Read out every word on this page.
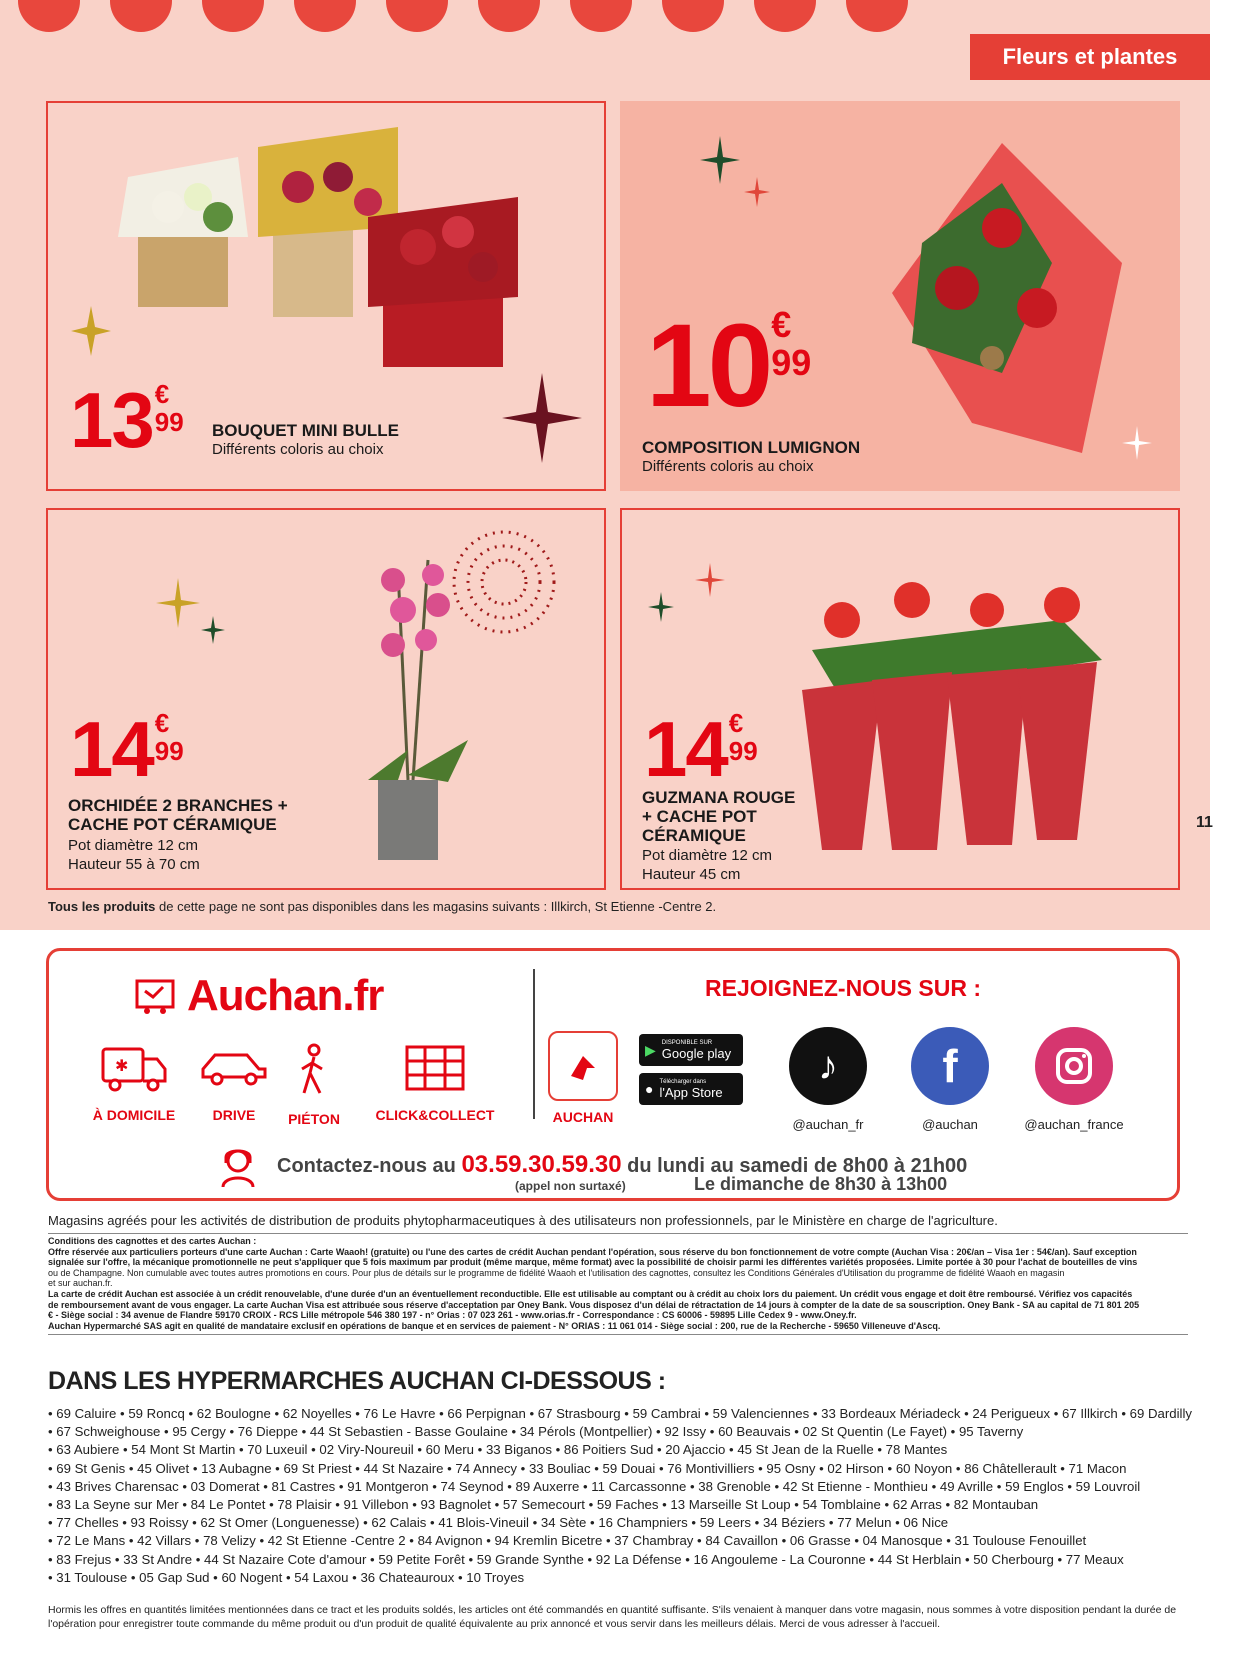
Fleurs et plantes
11
13 €
99 BOUQUET MINI BULLE
Différents coloris au choix
10 €
99
COMPOSITION LUMIGNON
Différents coloris au choix
14 €
99
ORCHIDÉE 2 BRANCHES +
CACHE POT CÉRAMIQUE
Pot diamètre 12 cm
Hauteur 55 à 70 cm
14 €
99
GUZMANA ROUGE
+ CACHE POT
CÉRAMIQUE
Pot diamètre 12 cm
Hauteur 45 cm
Tous les produits de cette page ne sont pas disponibles dans les magasins suivants : Illkirch, St Etienne -Centre 2.
Auchan.fr
✱
À DOMICILE	DRIVE	PIÉTON	CLICK&COLLECT
REJOIGNEZ-NOUS SUR :
AUCHAN
▶ DISPONIBLE SUR
Google play
● Télécharger dans
l'App Store
♪
@auchan_fr
f
@auchan	@auchan_france
Contactez-nous au 03.59.30.59.30 du lundi au samedi de 8h00 à 21h00
(appel non surtaxé)	Le dimanche de 8h30 à 13h00
Magasins agréés pour les activités de distribution de produits phytopharmaceutiques à des utilisateurs non professionnels, par le Ministère en charge de l'agriculture.

Conditions des cagnottes et des cartes Auchan :

Offre réservée aux particuliers porteurs d'une carte Auchan : Carte Waaoh! (gratuite) ou l'une des cartes de crédit Auchan pendant l'opération, sous réserve du bon fonctionnement de votre compte (Auchan Visa : 20€/an – Visa 1er : 54€/an). Sauf exception

signalée sur l'offre, la mécanique promotionnelle ne peut s'appliquer que 5 fois maximum par produit (même marque, même format) avec la possibilité de choisir parmi les différentes variétés proposées. Limite portée à 30 pour l'achat de bouteilles de vins

ou de Champagne. Non cumulable avec toutes autres promotions en cours. Pour plus de détails sur le programme de fidélité Waaoh et l'utilisation des cagnottes, consultez les Conditions Générales d'Utilisation du programme de fidélité Waaoh en magasin

et sur auchan.fr.

La carte de crédit Auchan est associée à un crédit renouvelable, d'une durée d'un an éventuellement reconductible. Elle est utilisable au comptant ou à crédit au choix lors du paiement. Un crédit vous engage et doit être remboursé. Vérifiez vos capacités

de remboursement avant de vous engager. La carte Auchan Visa est attribuée sous réserve d'acceptation par Oney Bank. Vous disposez d'un délai de rétractation de 14 jours à compter de la date de sa souscription. Oney Bank - SA au capital de 71 801 205

€ - Siège social : 34 avenue de Flandre 59170 CROIX - RCS Lille métropole 546 380 197 - n° Orias : 07 023 261 - www.orias.fr - Correspondance : CS 60006 - 59895 Lille Cedex 9 - www.Oney.fr.

Auchan Hypermarché SAS agit en qualité de mandataire exclusif en opérations de banque et en services de paiement - N° ORIAS : 11 061 014 - Siège social : 200, rue de la Recherche - 59650 Villeneuve d'Ascq.

DANS LES HYPERMARCHES AUCHAN CI-DESSOUS :
• 69 Caluire • 59 Roncq • 62 Boulogne • 62 Noyelles • 76 Le Havre • 66 Perpignan • 67 Strasbourg • 59 Cambrai • 59 Valenciennes • 33 Bordeaux Mériadeck • 24 Perigueux • 67 Illkirch • 69 Dardilly
• 67 Schweighouse • 95 Cergy • 76 Dieppe • 44 St Sebastien - Basse Goulaine • 34 Pérols (Montpellier) • 92 Issy • 60 Beauvais • 02 St Quentin (Le Fayet) • 95 Taverny
• 63 Aubiere • 54 Mont St Martin • 70 Luxeuil • 02 Viry-Noureuil • 60 Meru • 33 Biganos • 86 Poitiers Sud • 20 Ajaccio • 45 St Jean de la Ruelle • 78 Mantes
• 69 St Genis • 45 Olivet • 13 Aubagne • 69 St Priest • 44 St Nazaire • 74 Annecy • 33 Bouliac • 59 Douai • 76 Montivilliers • 95 Osny • 02 Hirson • 60 Noyon • 86 Châtellerault • 71 Macon
• 43 Brives Charensac • 03 Domerat • 81 Castres • 91 Montgeron • 74 Seynod • 89 Auxerre • 11 Carcassonne • 38 Grenoble • 42 St Etienne - Monthieu • 49 Avrille • 59 Englos • 59 Louvroil
• 83 La Seyne sur Mer • 84 Le Pontet • 78 Plaisir • 91 Villebon • 93 Bagnolet • 57 Semecourt • 59 Faches • 13 Marseille St Loup • 54 Tomblaine • 62 Arras • 82 Montauban
• 77 Chelles • 93 Roissy • 62 St Omer (Longuenesse) • 62 Calais • 41 Blois-Vineuil • 34 Sète • 16 Champniers • 59 Leers • 34 Béziers • 77 Melun • 06 Nice
• 72 Le Mans • 42 Villars • 78 Velizy • 42 St Etienne -Centre 2 • 84 Avignon • 94 Kremlin Bicetre • 37 Chambray • 84 Cavaillon • 06 Grasse • 04 Manosque • 31 Toulouse Fenouillet
• 83 Frejus • 33 St Andre • 44 St Nazaire Cote d'amour • 59 Petite Forêt • 59 Grande Synthe • 92 La Défense • 16 Angouleme - La Couronne • 44 St Herblain • 50 Cherbourg • 77 Meaux
• 31 Toulouse • 05 Gap Sud • 60 Nogent • 54 Laxou • 36 Chateauroux • 10 Troyes
Hormis les offres en quantités limitées mentionnées dans ce tract et les produits soldés, les articles ont été commandés en quantité suffisante. S'ils venaient à manquer dans votre magasin, nous sommes à votre disposition pendant la durée de l'opération pour enregistrer toute commande du même produit ou d'un produit de qualité équivalente au prix annoncé et vous servir dans les meilleurs délais. Merci de vous adresser à l'accueil.
